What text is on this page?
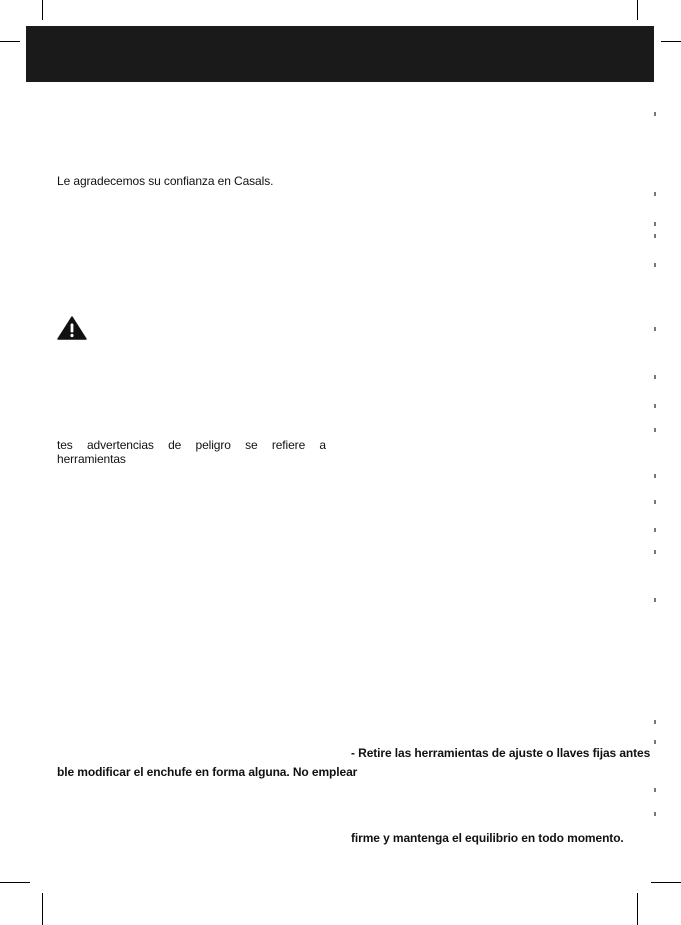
Le agradecemos su confianza en Casals.
tes advertencias de peligro se refiere a herramientas
ble modificar el enchufe en forma alguna. No emplear
- Retire las herramientas de ajuste o llaves fijas antes
firme y mantenga el equilibrio en todo momento.
